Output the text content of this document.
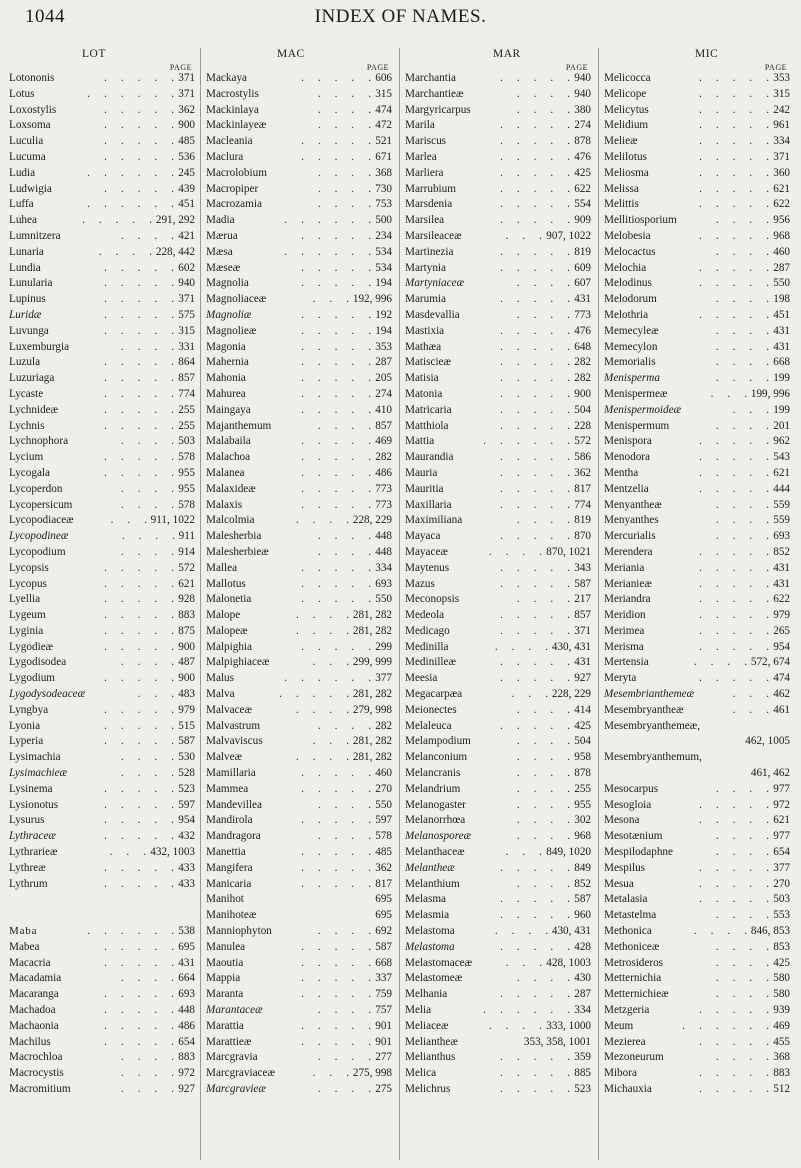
1044	INDEX OF NAMES.
LOT
PAGE
Lotononis	371
.   .   .   .   .
Lotus	371
.   .   .   .   .   .
Loxostylis	362
.   .   .   .   .
Loxsoma	900
.   .   .   .   .
Luculia	485
.   .   .   .   .
Lucuma	536
.   .   .   .   .
Ludia	245
.   .   .   .   .   .
Ludwigia	439
.   .   .   .   .
Luffa	451
.   .   .   .   .   .
Luhea	291, 292
.   .   .   .   .
Lumnitzera	421
.   .   .   .
Lunaria	228, 442
.   .   .   .
Lundia	602
.   .   .   .   .
Lunularia	940
.   .   .   .   .
Lupinus	371
.   .   .   .   .
Luridæ	575
.   .   .   .   .
Luvunga	315
.   .   .   .   .
Luxemburgia	331
.   .   .   .
Luzula	864
.   .   .   .   .
Luzuriaga	857
.   .   .   .   .
Lycaste	774
.   .   .   .   .
Lychnideæ	255
.   .   .   .   .
Lychnis	255
.   .   .   .   .
Lychnophora	503
.   .   .   .
Lycium	578
.   .   .   .   .
Lycogala	955
.   .   .   .   .
Lycoperdon	955
.   .   .   .
Lycopersicum	578
.   .   .   .
Lycopodiaceæ	911, 1022
.   .   .
Lycopodineæ	911
.   .   .   .
Lycopodium	914
.   .   .   .
Lycopsis	572
.   .   .   .   .
Lycopus	621
.   .   .   .   .
Lyellia	928
.   .   .   .   .
Lygeum	883
.   .   .   .   .
Lyginia	875
.   .   .   .   .
Lygodieæ	900
.   .   .   .   .
Lygodisodea	487
.   .   .   .
Lygodium	900
.   .   .   .   .
Lygodysodeaceæ	483
.   .   .
Lyngbya	979
.   .   .   .   .
Lyonia	515
.   .   .   .   .
Lyperia	587
.   .   .   .   .
Lysimachia	530
.   .   .   .
Lysimachieæ	528
.   .   .   .
Lysinema	523
.   .   .   .   .
Lysionotus	597
.   .   .   .   .
Lysurus	954
.   .   .   .   .
Lythraceæ	432
.   .   .   .   .
Lythrarieæ	432, 1003
.   .   .
Lythreæ	433
.   .   .   .   .
Lythrum	433
.   .   .   .   .
Maba	538
.   .   .   .   .   .
Mabea	695
.   .   .   .   .
Macacria	431
.   .   .   .   .
Macadamia	664
.   .   .   .
Macaranga	693
.   .   .   .   .
Machadoa	448
.   .   .   .   .
Machaonia	486
.   .   .   .   .
Machilus	654
.   .   .   .   .
Macrochloa	883
.   .   .   .
Macrocystis	972
.   .   .   .
Macromitium	927
.   .   .   .
MAC
PAGE
Mackaya	606
.   .   .   .   .
Macrostylis	315
.   .   .   .
Mackinlaya	474
.   .   .   .
Mackinlayeæ	472
.   .   .   .
Macleania	521
.   .   .   .   .
Maclura	671
.   .   .   .   .
Macrolobium	368
.   .   .   .
Macropiper	730
.   .   .   .
Macrozamia	753
.   .   .   .
Madia	500
.   .   .   .   .   .
Mæruа	234
.   .   .   .   .
Mæsa	534
.   .   .   .   .   .
Mæseæ	534
.   .   .   .   .
Magnolia	194
.   .   .   .   .
Magnoliaceæ	192, 996
.   .   .
Magnoliæ	192
.   .   .   .   .
Magnolieæ	194
.   .   .   .   .
Magonia	353
.   .   .   .   .
Mahernia	287
.   .   .   .   .
Mahonia	205
.   .   .   .   .
Mahurea	274
.   .   .   .   .
Maingaya	410
.   .   .   .   .
Majanthemum	857
.   .   .   .
Malabaila	469
.   .   .   .   .
Malachoa	282
.   .   .   .   .
Malanea	486
.   .   .   .   .
Malaxideæ	773
.   .   .   .   .
Malaxis	773
.   .   .   .   .
Malcolmia	228, 229
.   .   .   .
Malesherbia	448
.   .   .   .
Malesherbieæ	448
.   .   .   .
Mallea	334
.   .   .   .   .
Mallotus	693
.   .   .   .   .
Malonetia	550
.   .   .   .   .
Malope	281, 282
.   .   .   .
Malopeæ	281, 282
.   .   .   .
Malpighia	299
.   .   .   .   .
Malpighiaceæ	299, 999
.   .   .
Malus	377
.   .   .   .   .   .
Malva	281, 282
.   .   .   .   .
Malvaceæ	279, 998
.   .   .   .
Malvastrum	282
.   .   .   .
Malvaviscus	281, 282
.   .   .
Malveæ	281, 282
.   .   .   .
Mamillaria	460
.   .   .   .   .
Mammea	270
.   .   .   .   .
Mandevillea	550
.   .   .   .
Mandirola	597
.   .   .   .   .
Mandragora	578
.   .   .   .
Manettia	485
.   .   .   .   .
Mangifera	362
.   .   .   .   .
Manicaria	817
.   .   .   .   .
Manihot	695
Manihoteæ	695
Manniophyton	692
.   .   .   .
Manulea	587
.   .   .   .   .
Maoutia	668
.   .   .   .   .
Mappia	337
.   .   .   .   .
Maranta	759
.   .   .   .   .
Marantaceæ	757
.   .   .   .
Marattia	901
.   .   .   .   .
Marattieæ	901
.   .   .   .   .
Marcgravia	277
.   .   .   .
Marcgraviaceæ	275, 998
.   .   .
Marcgravieæ	275
.   .   .   .
MAR
PAGE
Marchantia	940
.   .   .   .   .
Marchantieæ	940
.   .   .   .
Margyricarpus	380
.   .   .   .
Marila	274
.   .   .   .   .
Mariscus	878
.   .   .   .   .
Marlea	476
.   .   .   .   .
Marliera	425
.   .   .   .   .
Marrubium	622
.   .   .   .   .
Marsdenia	554
.   .   .   .   .
Marsilea	909
.   .   .   .   .
Marsileaceæ	907, 1022
.   .   .
Martinezia	819
.   .   .   .   .
Martynia	609
.   .   .   .   .
Martyniaceæ	607
.   .   .   .
Marumia	431
.   .   .   .   .
Masdevallia	773
.   .   .   .
Mastixia	476
.   .   .   .   .
Mathæa	648
.   .   .   .   .
Matisciеæ	282
.   .   .   .   .
Matisia	282
.   .   .   .   .
Matonia	900
.   .   .   .   .
Matricaria	504
.   .   .   .   .
Matthiola	228
.   .   .   .   .
Mattia	572
.   .   .   .   .   .
Maurandia	586
.   .   .   .   .
Mauria	362
.   .   .   .   .
Mauritia	817
.   .   .   .   .
Maxillaria	774
.   .   .   .   .
Maximiliana	819
.   .   .   .
Mayaca	870
.   .   .   .   .
Mayaceæ	870, 1021
.   .   .   .
Maytenus	343
.   .   .   .   .
Mazus	587
.   .   .   .   .
Meconopsis	217
.   .   .   .
Medeola	857
.   .   .   .   .
Medicago	371
.   .   .   .   .
Medinilla	430, 431
.   .   .   .
Medinilleæ	431
.   .   .   .   .
Meesia	927
.   .   .   .   .
Megacarpæa	228, 229
.   .   .
Meionectes	414
.   .   .   .
Melaleuca	425
.   .   .   .   .
Melampodium	504
.   .   .   .
Melanconium	958
.   .   .   .
Melancranis	878
.   .   .   .
Melandrium	255
.   .   .   .
Melanogaster	955
.   .   .   .
Melanorrhœa	302
.   .   .   .
Melanosporeæ	968
.   .   .   .
Melanthaceæ	849, 1020
.   .   .
Melanthеæ	849
.   .   .   .   .
Melanthium	852
.   .   .   .
Melasma	587
.   .   .   .   .
Melasmia	960
.   .   .   .   .
Melastoma	430, 431
.   .   .   .
Melastoma	428
.   .   .   .   .
Melastomaceæ	428, 1003
.   .   .
Melastomeæ	430
.   .   .   .
Melhania	287
.   .   .   .   .
Melia	334
.   .   .   .   .   .
Meliaceæ	333, 1000
.   .   .   .
Melianthеæ	353, 358, 1001
Melianthus	359
.   .   .   .   .
Melica	885
.   .   .   .   .
Melichrus	523
.   .   .   .   .
MIC
PAGE
Melicocca	353
.   .   .   .   .
Melicope	315
.   .   .   .   .
Melicytus	242
.   .   .   .   .
Melidium	961
.   .   .   .   .
Melieæ	334
.   .   .   .   .
Melilotus	371
.   .   .   .   .
Meliosma	360
.   .   .   .   .
Melissa	621
.   .   .   .   .
Melittis	622
.   .   .   .   .
Mellitiosporium	956
.   .   .   .
Melobesia	968
.   .   .   .   .
Melocactus	460
.   .   .   .
Melochia	287
.   .   .   .   .
Melodinus	550
.   .   .   .   .
Melodorum	198
.   .   .   .
Melothria	451
.   .   .   .   .
Memecyleæ	431
.   .   .   .
Memecylon	431
.   .   .   .
Memorialis	668
.   .   .   .
Menisperma	199
.   .   .   .
Menispermeæ	199, 996
.   .   .
Menispermoideæ	199
.   .   .
Menispermum	201
.   .   .   .
Menispora	962
.   .   .   .   .
Menodora	543
.   .   .   .   .
Mentha	621
.   .   .   .   .
Mentzelia	444
.   .   .   .   .
Menyantheæ	559
.   .   .   .
Menyanthes	559
.   .   .   .
Mercurialis	693
.   .   .   .
Merendera	852
.   .   .   .   .
Meriania	431
.   .   .   .   .
Merianieæ	431
.   .   .   .   .
Meriandra	622
.   .   .   .   .
Meridion	979
.   .   .   .   .
Merimea	265
.   .   .   .   .
Merisma	954
.   .   .   .   .
Mertensia	572, 674
.   .   .   .
Meryta	474
.   .   .   .   .
Mesembrianthemeæ	462
.   .   .
Mesembryantheæ	461
.   .   .
Mesembryanthemeæ,
462, 1005
Mesembryanthemum,
461, 462
Mesocarpus	977
.   .   .   .
Mesogloia	972
.   .   .   .   .
Mesona	621
.   .   .   .   .
Mesotænium	977
.   .   .   .
Mespilodaphne	654
.   .   .   .
Mespilus	377
.   .   .   .   .
Mesua	270
.   .   .   .   .
Metalasia	503
.   .   .   .   .
Metastelma	553
.   .   .   .
Methonica	846, 853
.   .   .   .
Methoniceæ	853
.   .   .   .
Metrosideros	425
.   .   .   .
Metternichia	580
.   .   .   .
Metternichieæ	580
.   .   .   .
Metzgeria	939
.   .   .   .   .
Meum	469
.   .   .   .   .   .
Mezierea	455
.   .   .   .   .
Mezoneurum	368
.   .   .   .
Mibora	883
.   .   .   .   .
Michauxia	512
.   .   .   .   .
